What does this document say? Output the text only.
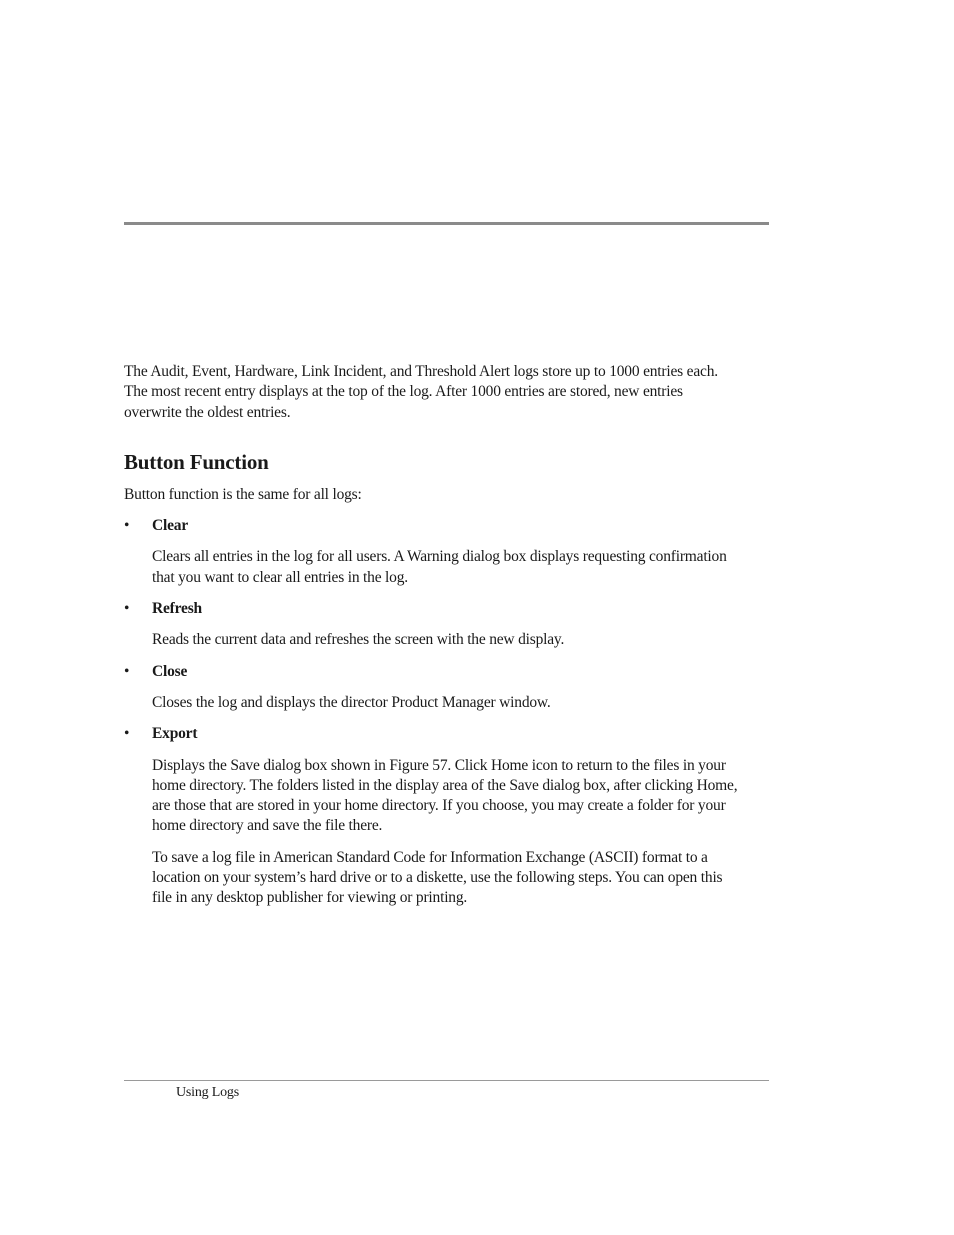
The Audit, Event, Hardware, Link Incident, and Threshold Alert logs store up to 1000 entries each. The most recent entry displays at the top of the log. After 1000 entries are stored, new entries overwrite the oldest entries.

Button Function

Button function is the same for all logs:

• Clear

Clears all entries in the log for all users. A Warning dialog box displays requesting confirmation that you want to clear all entries in the log.

• Refresh

Reads the current data and refreshes the screen with the new display.

• Close

Closes the log and displays the director Product Manager window.

• Export

Displays the Save dialog box shown in Figure 57. Click Home icon to return to the files in your home directory. The folders listed in the display area of the Save dialog box, after clicking Home, are those that are stored in your home directory. If you choose, you may create a folder for your home directory and save the file there.

To save a log file in American Standard Code for Information Exchange (ASCII) format to a location on your system’s hard drive or to a diskette, use the following steps. You can open this file in any desktop publisher for viewing or printing.

Using Logs
